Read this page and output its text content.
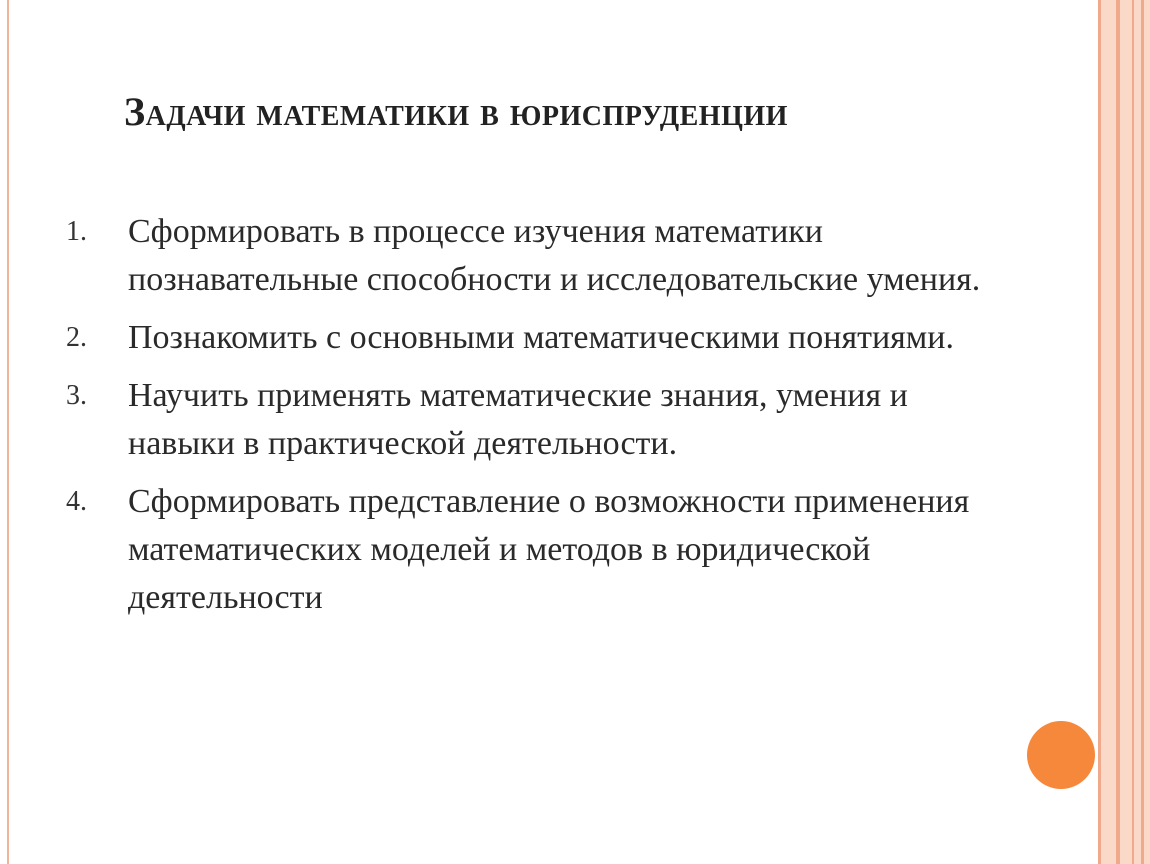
Задачи математики в юриспруденции
1.	Сформировать в процессе изучения математики познавательные способности и исследовательские умения.
2.	Познакомить с основными математическими понятиями.
3.	Научить применять математические знания, умения и навыки в практической деятельности.
4.	Сформировать представление о возможности применения математических моделей и методов в юридической деятельности
